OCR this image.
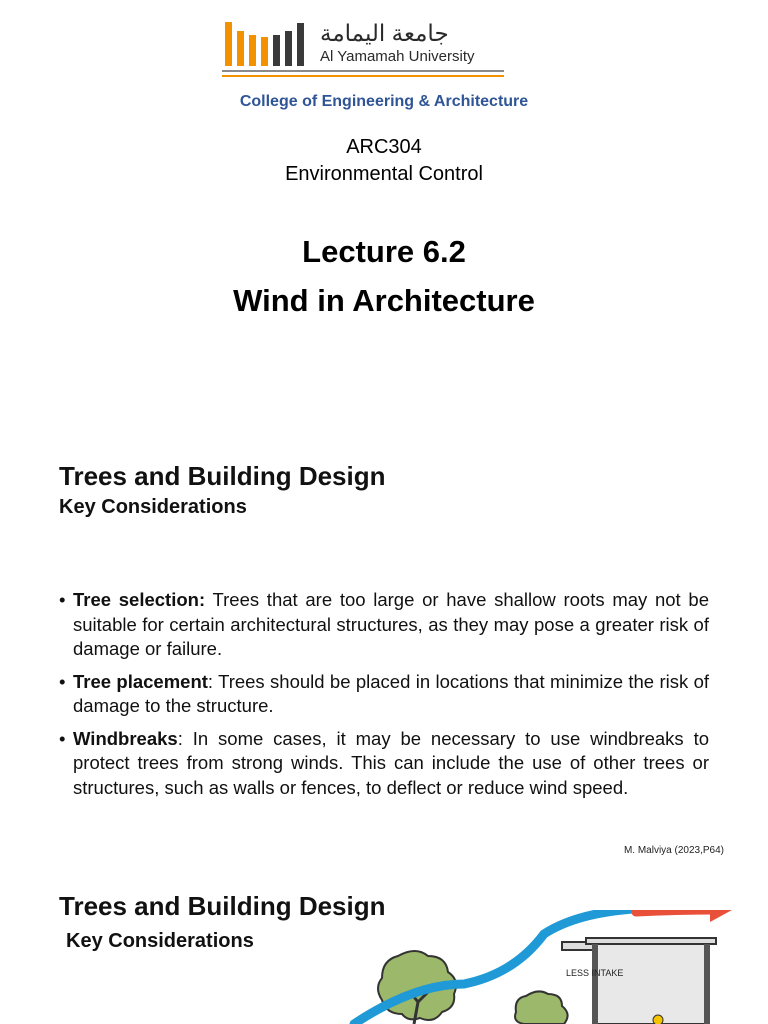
جامعة اليمامة
Al Yamamah University
College of Engineering & Architecture
ARC304
Environmental Control
Lecture 6.2
Wind in Architecture
Trees and Building Design
Key Considerations
• Tree selection: Trees that are too large or have shallow roots may not be suitable for certain architectural structures, as they may pose a greater risk of damage or failure.
• Tree placement: Trees should be placed in locations that minimize the risk of damage to the structure.
• Windbreaks: In some cases, it may be necessary to use windbreaks to protect trees from strong winds. This can include the use of other trees or structures, such as walls or fences, to deflect or reduce wind speed.
M. Malviya (2023,P64)
Trees and Building Design
Key Considerations
LESS INTAKE
